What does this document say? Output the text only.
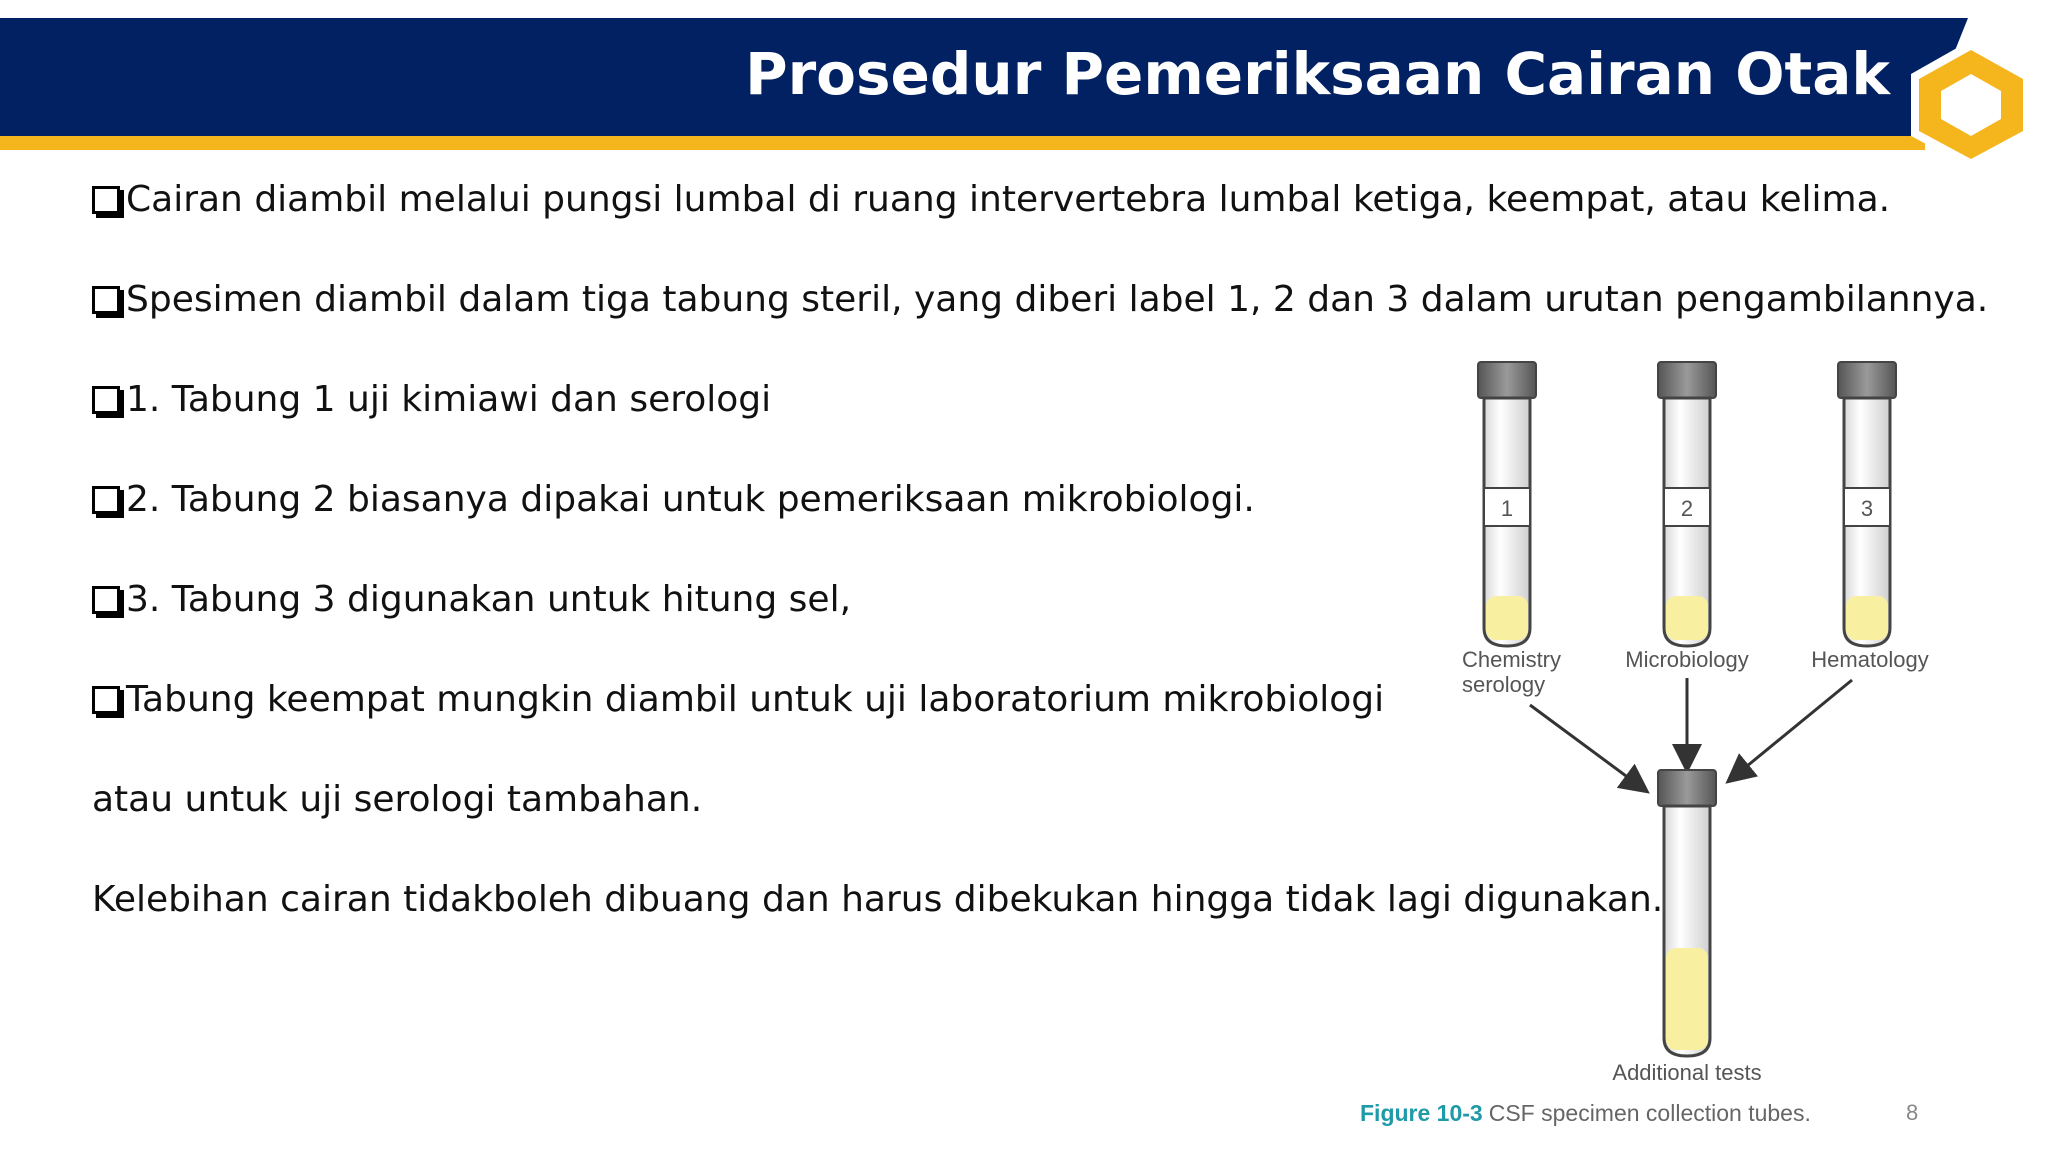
Prosedur Pemeriksaan Cairan Otak
Cairan diambil melalui pungsi lumbal di ruang intervertebra lumbal ketiga, keempat, atau kelima.
Spesimen diambil dalam tiga tabung steril, yang diberi label 1, 2 dan 3 dalam urutan pengambilannya.
1. Tabung 1 uji kimiawi dan serologi
2. Tabung 2 biasanya dipakai untuk pemeriksaan mikrobiologi.
3. Tabung 3 digunakan untuk hitung sel,
Tabung keempat mungkin diambil untuk uji laboratorium mikrobiologi
atau untuk uji serologi tambahan.
Kelebihan cairan tidakboleh dibuang dan harus dibekukan hingga tidak lagi digunakan.
1	2	3
Chemistry
serology
Microbiology	Hematology
Additional tests
Figure 10-3 CSF specimen collection tubes.	8
